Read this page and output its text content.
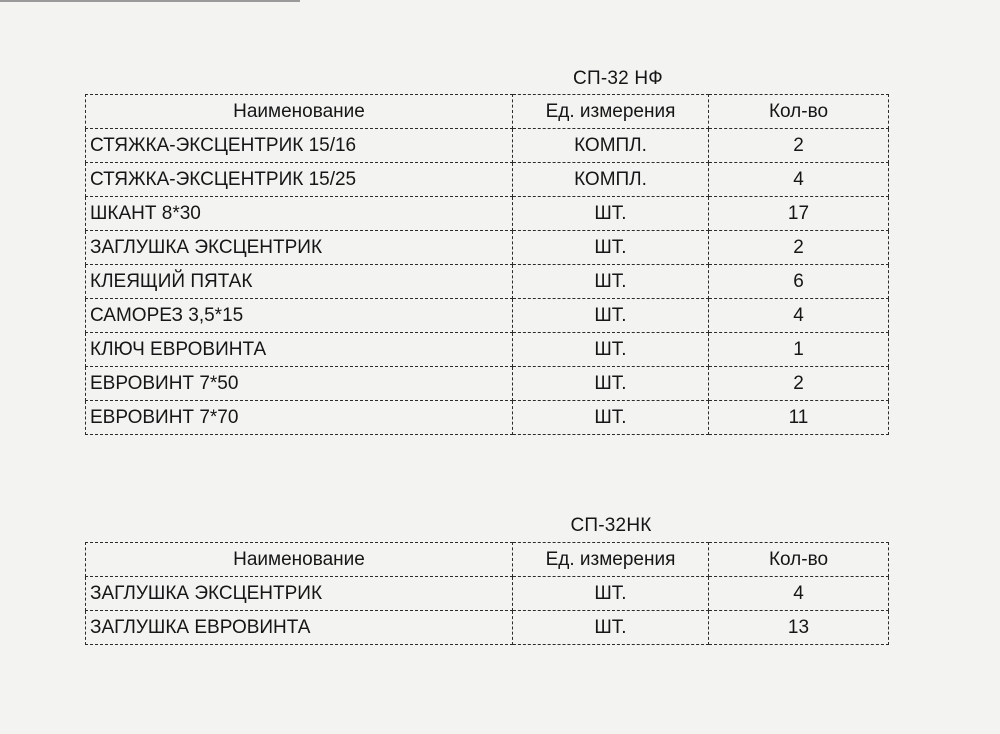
СП-32 НФ
Наименование	Ед. измерения	Кол-во
СТЯЖКА-ЭКСЦЕНТРИК 15/16	КОМПЛ.	2
СТЯЖКА-ЭКСЦЕНТРИК 15/25	КОМПЛ.	4
ШКАНТ 8*30	ШТ.	17
ЗАГЛУШКА ЭКСЦЕНТРИК	ШТ.	2
КЛЕЯЩИЙ ПЯТАК	ШТ.	6
САМОРЕЗ 3,5*15	ШТ.	4
КЛЮЧ ЕВРОВИНТА	ШТ.	1
ЕВРОВИНТ 7*50	ШТ.	2
ЕВРОВИНТ 7*70	ШТ.	11
СП-32НК
Наименование	Ед. измерения	Кол-во
ЗАГЛУШКА ЭКСЦЕНТРИК	ШТ.	4
ЗАГЛУШКА ЕВРОВИНТА	ШТ.	13
